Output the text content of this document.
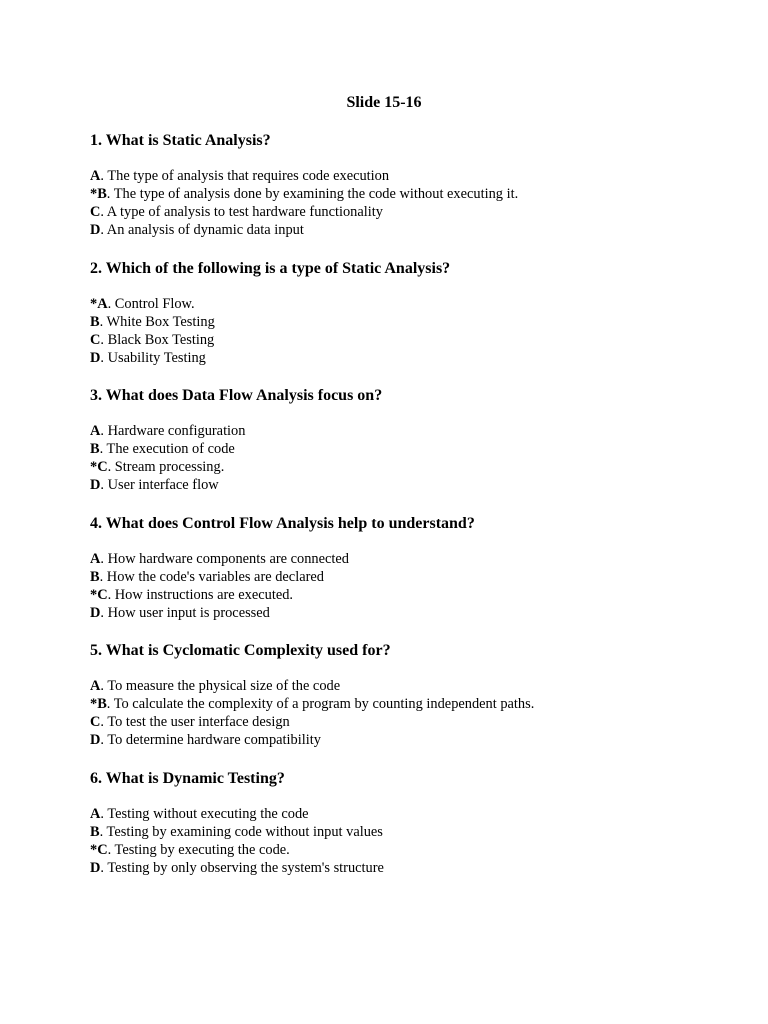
Slide 15-16

1. What is Static Analysis?

A. The type of analysis that requires code execution
*B. The type of analysis done by examining the code without executing it.
C. A type of analysis to test hardware functionality
D. An analysis of dynamic data input

2. Which of the following is a type of Static Analysis?

*A. Control Flow.
B. White Box Testing
C. Black Box Testing
D. Usability Testing

3. What does Data Flow Analysis focus on?

A. Hardware configuration
B. The execution of code
*C. Stream processing.
D. User interface flow

4. What does Control Flow Analysis help to understand?

A. How hardware components are connected
B. How the code's variables are declared
*C. How instructions are executed.
D. How user input is processed

5. What is Cyclomatic Complexity used for?

A. To measure the physical size of the code
*B. To calculate the complexity of a program by counting independent paths.
C. To test the user interface design
D. To determine hardware compatibility

6. What is Dynamic Testing?

A. Testing without executing the code
B. Testing by examining code without input values
*C. Testing by executing the code.
D. Testing by only observing the system's structure
